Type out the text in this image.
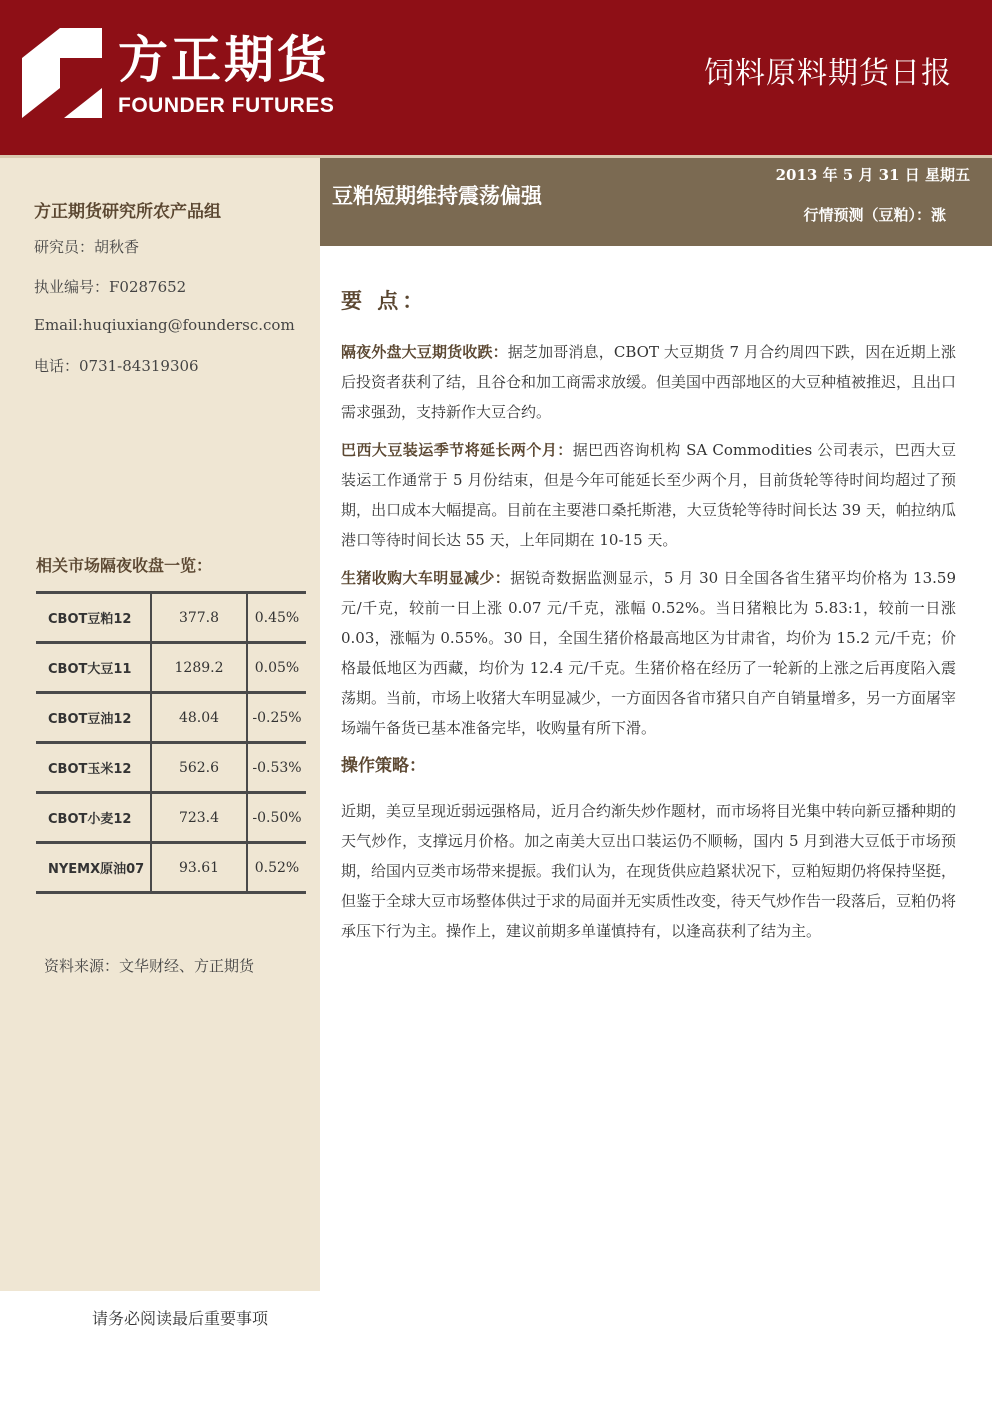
方正期货
FOUNDER FUTURES
饲料原料期货日报
方正期货研究所农产品组
研究员：胡秋香
执业编号：F0287652
Email:huqiuxiang@foundersc.com
电话：0731-84319306
相关市场隔夜收盘一览：
CBOT豆粕12	377.8	0.45%
CBOT大豆11	1289.2	0.05%
CBOT豆油12	48.04	-0.25%
CBOT玉米12	562.6	-0.53%
CBOT小麦12	723.4	-0.50%
NYEMX原油07	93.61	0.52%
资料来源：文华财经、方正期货
请务必阅读最后重要事项
豆粕短期维持震荡偏强
2013 年 5 月 31 日 星期五
行情预测（豆粕）：涨
要 点：

隔夜外盘大豆期货收跌：据芝加哥消息，CBOT 大豆期货 7 月合约周四下跌，因在近期上涨后投资者获利了结，且谷仓和加工商需求放缓。但美国中西部地区的大豆种植被推迟，且出口需求强劲，支持新作大豆合约。

巴西大豆装运季节将延长两个月：据巴西咨询机构 SA Commodities 公司表示，巴西大豆装运工作通常于 5 月份结束，但是今年可能延长至少两个月，目前货轮等待时间均超过了预期，出口成本大幅提高。目前在主要港口桑托斯港，大豆货轮等待时间长达 39 天，帕拉纳瓜港口等待时间长达 55 天，上年同期在 10-15 天。

生猪收购大车明显减少：据锐奇数据监测显示，5 月 30 日全国各省生猪平均价格为 13.59 元/千克，较前一日上涨 0.07 元/千克，涨幅 0.52%。当日猪粮比为 5.83:1，较前一日涨 0.03，涨幅为 0.55%。30 日，全国生猪价格最高地区为甘肃省，均价为 15.2 元/千克；价格最低地区为西藏，均价为 12.4 元/千克。生猪价格在经历了一轮新的上涨之后再度陷入震荡期。当前，市场上收猪大车明显减少，一方面因各省市猪只自产自销量增多，另一方面屠宰场端午备货已基本准备完毕，收购量有所下滑。

操作策略：

近期，美豆呈现近弱远强格局，近月合约渐失炒作题材，而市场将目光集中转向新豆播种期的天气炒作，支撑远月价格。加之南美大豆出口装运仍不顺畅，国内 5 月到港大豆低于市场预期，给国内豆类市场带来提振。我们认为，在现货供应趋紧状况下，豆粕短期仍将保持坚挺，但鉴于全球大豆市场整体供过于求的局面并无实质性改变，待天气炒作告一段落后，豆粕仍将承压下行为主。操作上，建议前期多单谨慎持有，以逢高获利了结为主。
